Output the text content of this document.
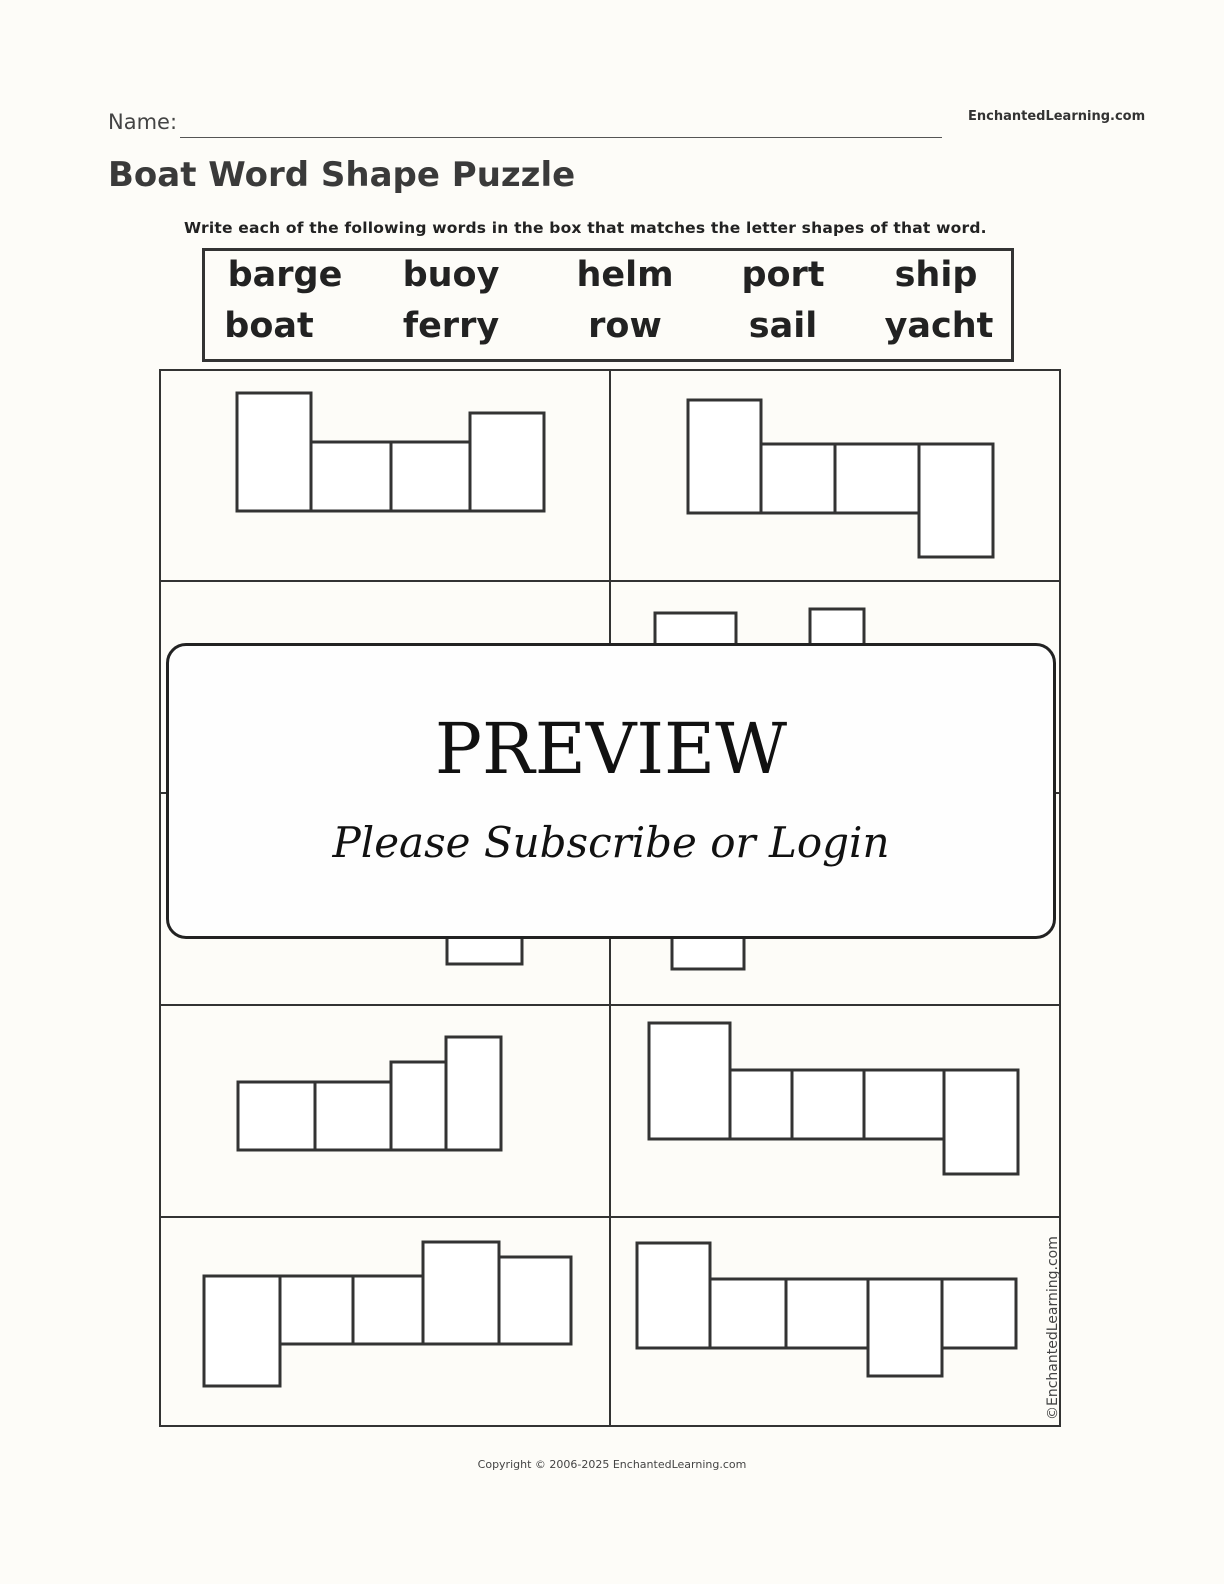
Name:	EnchantedLearning.com
Boat Word Shape Puzzle
Write each of the following words in the box that matches the letter shapes of that word.
barge	buoy	helm	port	ship
boat	ferry	row	sail	yacht
PREVIEW
Please Subscribe or Login
©EnchantedLearning.com
Copyright © 2006-2025 EnchantedLearning.com
